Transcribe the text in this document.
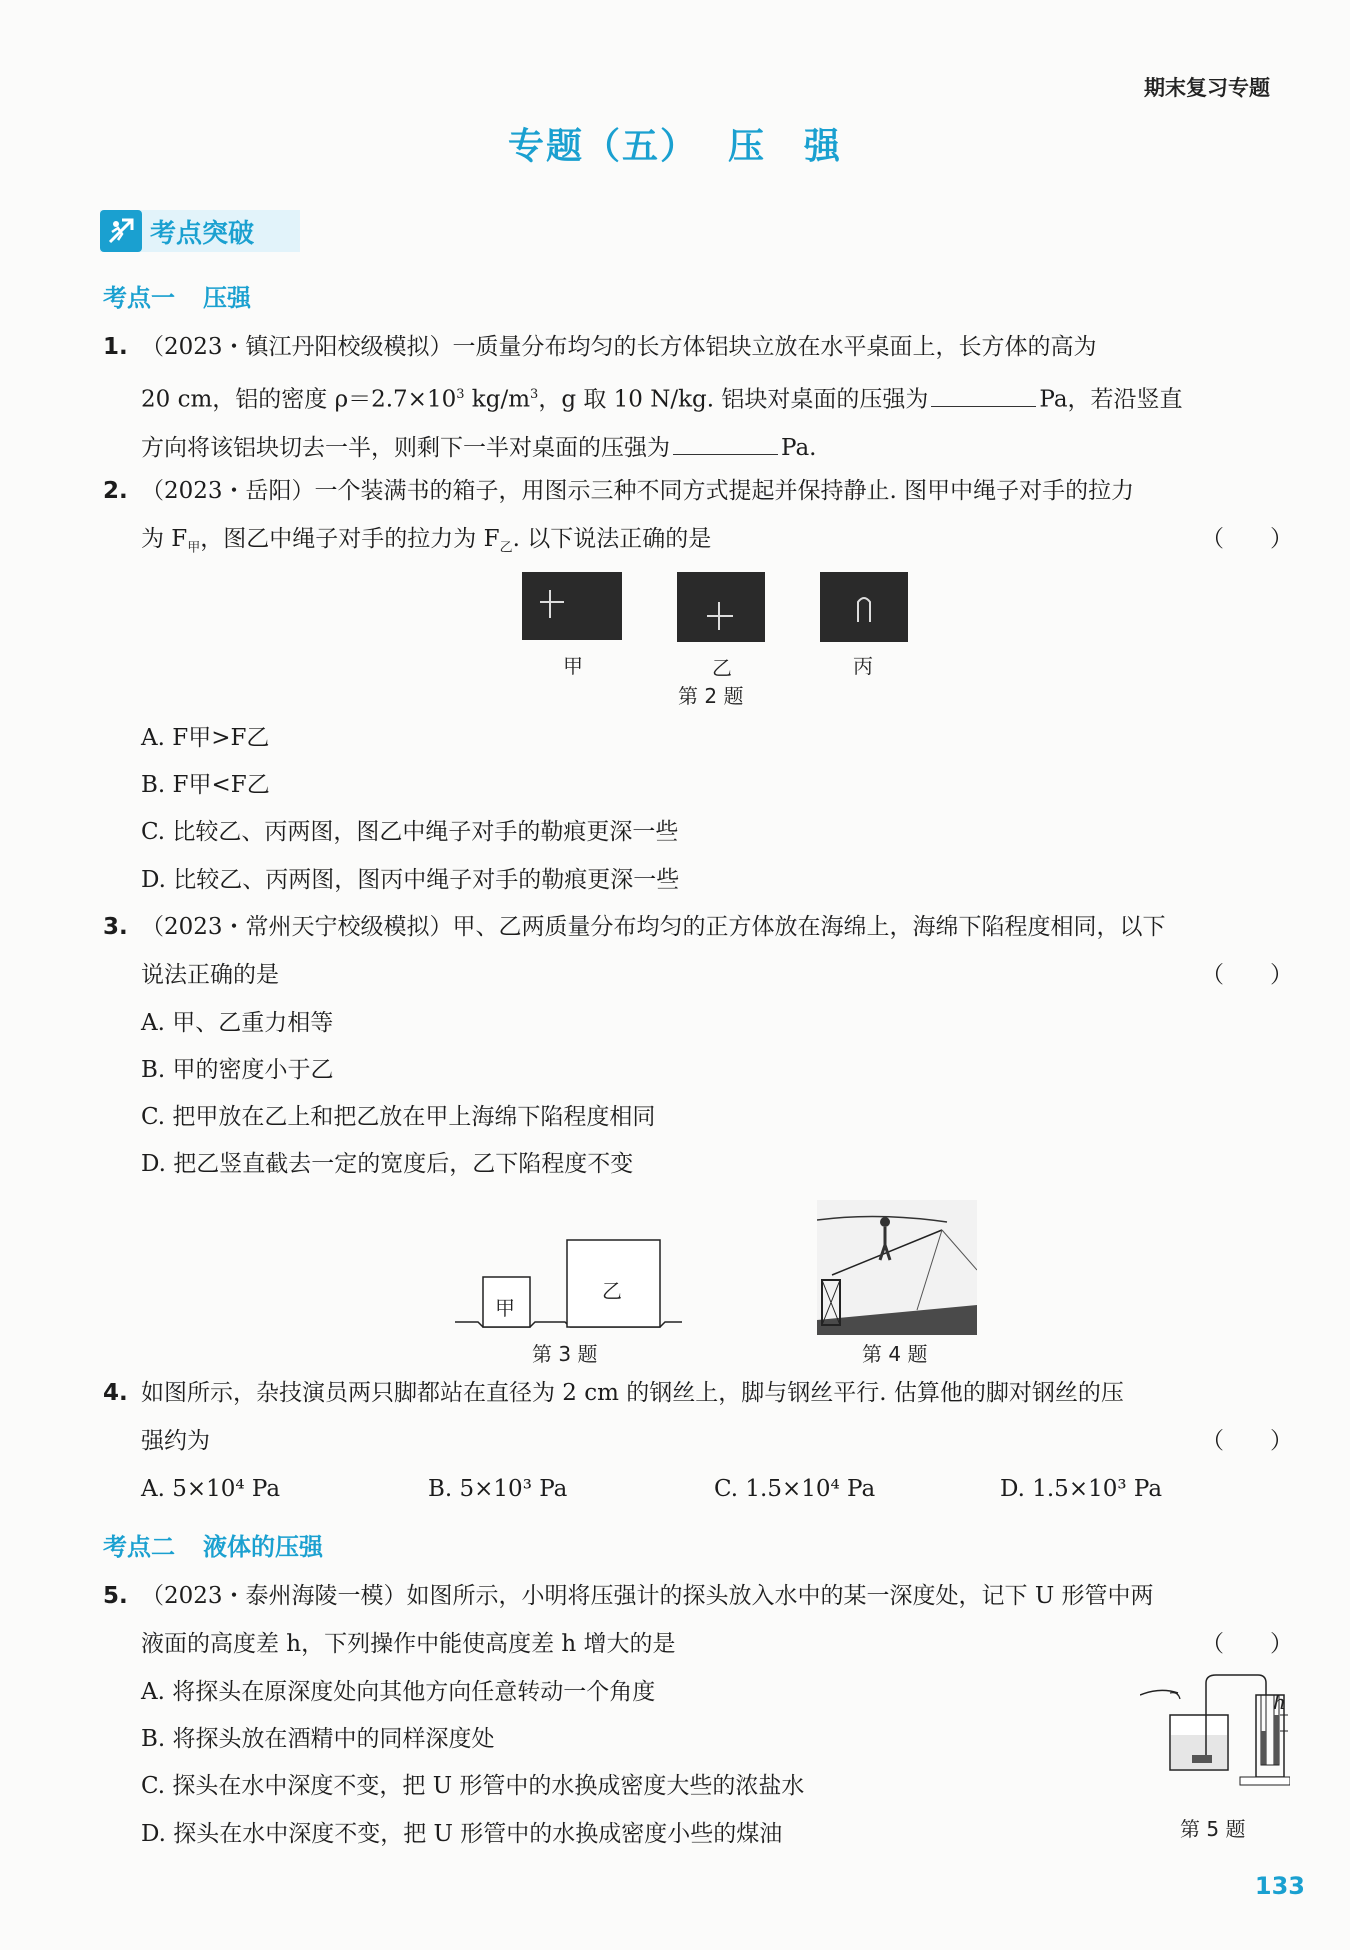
期末复习专题
专题（五） 压　强
考点突破
考点一 压强
1. （2023・镇江丹阳校级模拟）一质量分布均匀的长方体铝块立放在水平桌面上，长方体的高为
20 cm，铝的密度 $\rho=2.7\times 10^3$ $kg/m^3$，g 取 10 N/kg. 铝块对桌面的压强为	Pa，若沿竖直
方向将该铝块切去一半，则剩下一半对桌面的压强为	Pa.
2. （2023・岳阳）一个装满书的箱子，用图示三种不同方式提起并保持静止. 图甲中绳子对手的拉力
为 $F_甲$，图乙中绳子对手的拉力为 $F_乙$. 以下说法正确的是	（　　）
甲	乙	丙
第 2 题
A. F甲>F乙
B. F甲<F乙
C. 比较乙、丙两图，图乙中绳子对手的勒痕更深一些
D. 比较乙、丙两图，图丙中绳子对手的勒痕更深一些
3. （2023・常州天宁校级模拟）甲、乙两质量分布均匀的正方体放在海绵上，海绵下陷程度相同，以下
说法正确的是	（　　）
A. 甲、乙重力相等
B. 甲的密度小于乙
C. 把甲放在乙上和把乙放在甲上海绵下陷程度相同
D. 把乙竖直截去一定的宽度后，乙下陷程度不变
甲
乙
第 3 题	第 4 题
4. 如图所示，杂技演员两只脚都站在直径为 2 cm 的钢丝上，脚与钢丝平行. 估算他的脚对钢丝的压
强约为	（　　）
A. 5×10⁴ Pa	B. 5×10³ Pa	C. 1.5×10⁴ Pa	D. 1.5×10³ Pa
考点二 液体的压强
5. （2023・泰州海陵一模）如图所示，小明将压强计的探头放入水中的某一深度处，记下 U 形管中两
液面的高度差 h，下列操作中能使高度差 h 增大的是	（　　）
A. 将探头在原深度处向其他方向任意转动一个角度
B. 将探头放在酒精中的同样深度处
C. 探头在水中深度不变，把 U 形管中的水换成密度大些的浓盐水
D. 探头在水中深度不变，把 U 形管中的水换成密度小些的煤油
h
第 5 题
133
